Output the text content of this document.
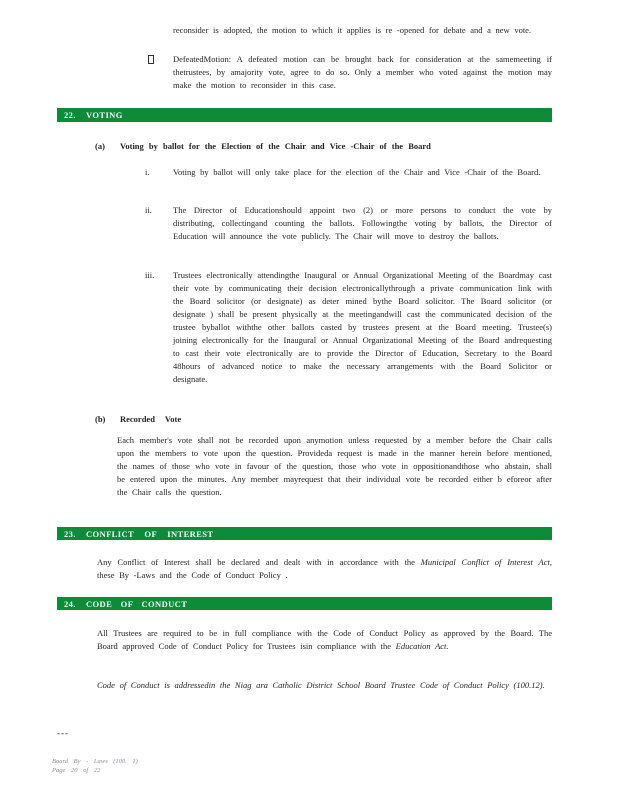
reconsider is adopted, the motion to which it applies is re -opened for debate and a new vote.
DefeatedMotion: A defeated motion can be brought back for consideration at the samemeeting if thetrustees, by amajority vote, agree to do so. Only a member who voted against the motion may make the motion to reconsider in this case.
22.	VOTING
(a)	Voting by ballot for the Election of the Chair and Vice -Chair of the Board
i.	Voting by ballot will only take place for the election of the Chair and Vice -Chair of the Board.
ii.	The Director of Educationshould appoint two (2) or more persons to conduct the vote by distributing, collectingand counting the ballots. Followingthe voting by ballots, the Director of Education will announce the vote publicly. The Chair will move to destroy the ballots.
iii.	Trustees electronically attendingthe Inaugural or Annual Organizational Meeting of the Boardmay cast their vote by communicating their decision electronicallythrough a private communication link with the Board solicitor (or designate) as deter mined bythe Board solicitor. The Board solicitor (or designate ) shall be present physically at the meetingandwill cast the communicated decision of the trustee byballot withthe other ballots casted by trustees present at the Board meeting. Trustee(s) joining electronically for the Inaugural or Annual Organizational Meeting of the Board andrequesting to cast their vote electronically are to provide the Director of Education, Secretary to the Board 48hours of advanced notice to make the necessary arrangements with the Board Solicitor or designate.
(b)	Recorded Vote
Each member's vote shall not be recorded upon anymotion unless requested by a member before the Chair calls upon the members to vote upon the question. Provideda request is made in the manner herein before mentioned, the names of those who vote in favour of the question, those who vote in oppositionandthose who abstain, shall be entered upon the minutes. Any member mayrequest that their individual vote be recorded either b eforeor after the Chair calls the question.
23.	CONFLICT OF INTEREST
Any Conflict of Interest shall be declared and dealt with in accordance with the Municipal Conflict of Interest Act, these By -Laws and the Code of Conduct Policy .
24.	CODE OF CONDUCT
All Trustees are required to be in full compliance with the Code of Conduct Policy as approved by the Board. The Board approved Code of Conduct Policy for Trustees isin compliance with the Education Act.
Code of Conduct is addressedin the Niag ara Catholic District School Board Trustee Code of Conduct Policy (100.12).
---
Board By - Laws (100. 1)
Page 20 of 22
